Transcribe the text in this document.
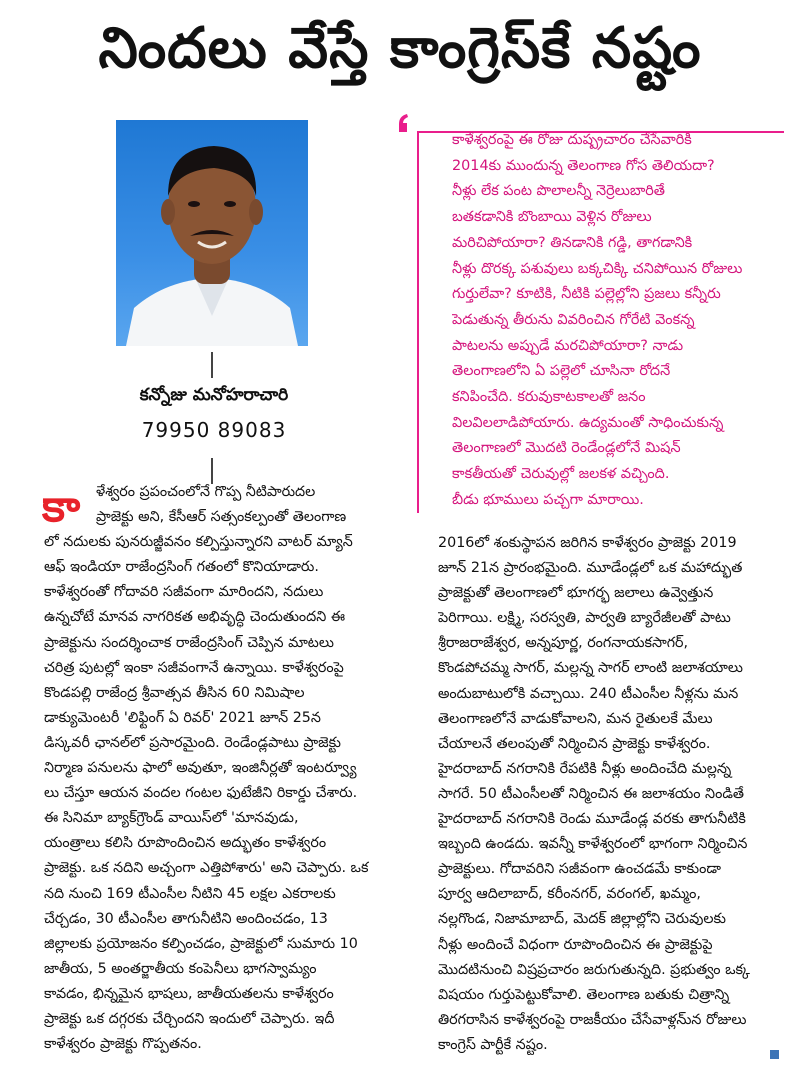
నిందలు వేస్తే కాంగ్రెస్‌కే నష్టం
కన్నోజు మనోహరాచారి
79950 89083

కాళేశ్వరంపై ఈ రోజు దుష్ప్రచారం చేసేవారికి

2014కు ముందున్న తెలంగాణ గోస తెలియదా?

నీళ్లు లేక పంట పొలాలన్నీ నెర్రెలుబారితే

బతకడానికి బొంబాయి వెళ్లిన రోజులు

మరిచిపోయారా? తినడానికి గడ్డి, తాగడానికి

నీళ్లు దొరక్క పశువులు బక్కచిక్కి చనిపోయిన రోజులు

గుర్తులేవా? కూటికి, నీటికి పల్లెల్లోని ప్రజలు కన్నీరు

పెడుతున్న తీరును వివరించిన గోరేటి వెంకన్న

పాటలను అప్పుడే మరచిపోయారా? నాడు

తెలంగాణలోని ఏ పల్లెలో చూసినా రోదనే

కనిపించేది. కరువుకాటకాలతో జనం

విలవిలలాడిపోయారు. ఉద్యమంతో సాధించుకున్న

తెలంగాణలో మొదటి రెండేండ్లలోనే మిషన్

కాకతీయతో చెరువుల్లో జలకళ వచ్చింది.

బీడు భూములు పచ్చగా మారాయి.

కా	ళేశ్వరం ప్రపంచంలోనే గొప్ప నీటిపారుదల

ప్రాజెక్టు అని, కేసీఆర్ సత్సంకల్పంతో తెలంగాణ

లో నదులకు పునరుజ్జీవనం కల్పిస్తున్నారని వాటర్ మ్యాన్

ఆఫ్ ఇండియా రాజేంద్రసింగ్ గతంలో కొనియాడారు.

కాళేశ్వరంతో గోదావరి సజీవంగా మారిందని, నదులు

ఉన్నచోటే మానవ నాగరికత అభివృద్ధి చెందుతుందని ఈ

ప్రాజెక్టును సందర్శించాక రాజేంద్రసింగ్ చెప్పిన మాటలు

చరిత్ర పుటల్లో ఇంకా సజీవంగానే ఉన్నాయి. కాళేశ్వరంపై

కొండపల్లి రాజేంద్ర శ్రీవాత్సవ తీసిన 60 నిమిషాల

డాక్యుమెంటరీ 'లిఫ్టింగ్ ఏ రివర్' 2021 జూన్ 25న

డిస్కవరీ ఛానల్‌లో ప్రసారమైంది. రెండేండ్లపాటు ప్రాజెక్టు

నిర్మాణ పనులను ఫాలో అవుతూ, ఇంజినీర్లతో ఇంటర్వ్యూ

లు చేస్తూ ఆయన వందల గంటల ఫుటేజీని రికార్డు చేశారు.

ఈ సినిమా బ్యాక్‌గ్రౌండ్ వాయిస్‌లో 'మానవుడు,

యంత్రాలు కలిసి రూపొందించిన అద్భుతం కాళేశ్వరం

ప్రాజెక్టు. ఒక నదిని అచ్చంగా ఎత్తిపోశారు' అని చెప్పారు. ఒక

నది నుంచి 169 టీఎంసీల నీటిని 45 లక్షల ఎకరాలకు

చేర్చడం, 30 టీఎంసీల తాగునీటిని అందించడం, 13

జిల్లాలకు ప్రయోజనం కల్పించడం, ప్రాజెక్టులో సుమారు 10

జాతీయ, 5 అంతర్జాతీయ కంపెనీలు భాగస్వామ్యం

కావడం, భిన్నమైన భాషలు, జాతీయతలను కాళేశ్వరం

ప్రాజెక్టు ఒక దగ్గరకు చేర్చిందని ఇందులో చెప్పారు. ఇదీ

కాళేశ్వరం ప్రాజెక్టు గొప్పతనం.

2016లో శంకుస్థాపన జరిగిన కాళేశ్వరం ప్రాజెక్టు 2019

జూన్ 21న ప్రారంభమైంది. మూడేండ్లలో ఒక మహాద్భుత

ప్రాజెక్టుతో తెలంగాణలో భూగర్భ జలాలు ఉవ్వెత్తున

పెరిగాయి. లక్ష్మి, సరస్వతి, పార్వతి బ్యారేజీలతో పాటు

శ్రీరాజరాజేశ్వర, అన్నపూర్ణ, రంగనాయకసాగర్,

కొండపోచమ్మ సాగర్, మల్లన్న సాగర్ లాంటి జలాశయాలు

అందుబాటులోకి వచ్చాయి. 240 టీఎంసీల నీళ్లను మన

తెలంగాణలోనే వాడుకోవాలని, మన రైతులకే మేలు

చేయాలనే తలంపుతో నిర్మించిన ప్రాజెక్టు కాళేశ్వరం.

హైదరాబాద్ నగరానికి రేపటికి నీళ్లు అందించేది మల్లన్న

సాగరే. 50 టీఎంసీలతో నిర్మించిన ఈ జలాశయం నిండితే

హైదరాబాద్ నగరానికి రెండు మూడేండ్ల వరకు తాగునీటికి

ఇబ్బంది ఉండదు. ఇవన్నీ కాళేశ్వరంలో భాగంగా నిర్మించిన

ప్రాజెక్టులు. గోదావరిని సజీవంగా ఉంచడమే కాకుండా

పూర్వ ఆదిలాబాద్, కరీంనగర్, వరంగల్, ఖమ్మం,

నల్లగొండ, నిజామాబాద్, మెదక్ జిల్లాల్లోని చెరువులకు

నీళ్లు అందించే విధంగా రూపొందించిన ఈ ప్రాజెక్టుపై

మొదటినుంచి విష్రప్రచారం జరుగుతున్నది. ప్రభుత్వం ఒక్క

విషయం గుర్తుపెట్టుకోవాలి. తెలంగాణ బతుకు చిత్రాన్ని

తిరగరాసిన కాళేశ్వరంపై రాజకీయం చేసేవాళ్లను్న రోజులు

కాంగ్రెస్ పార్టీకే నష్టం.
